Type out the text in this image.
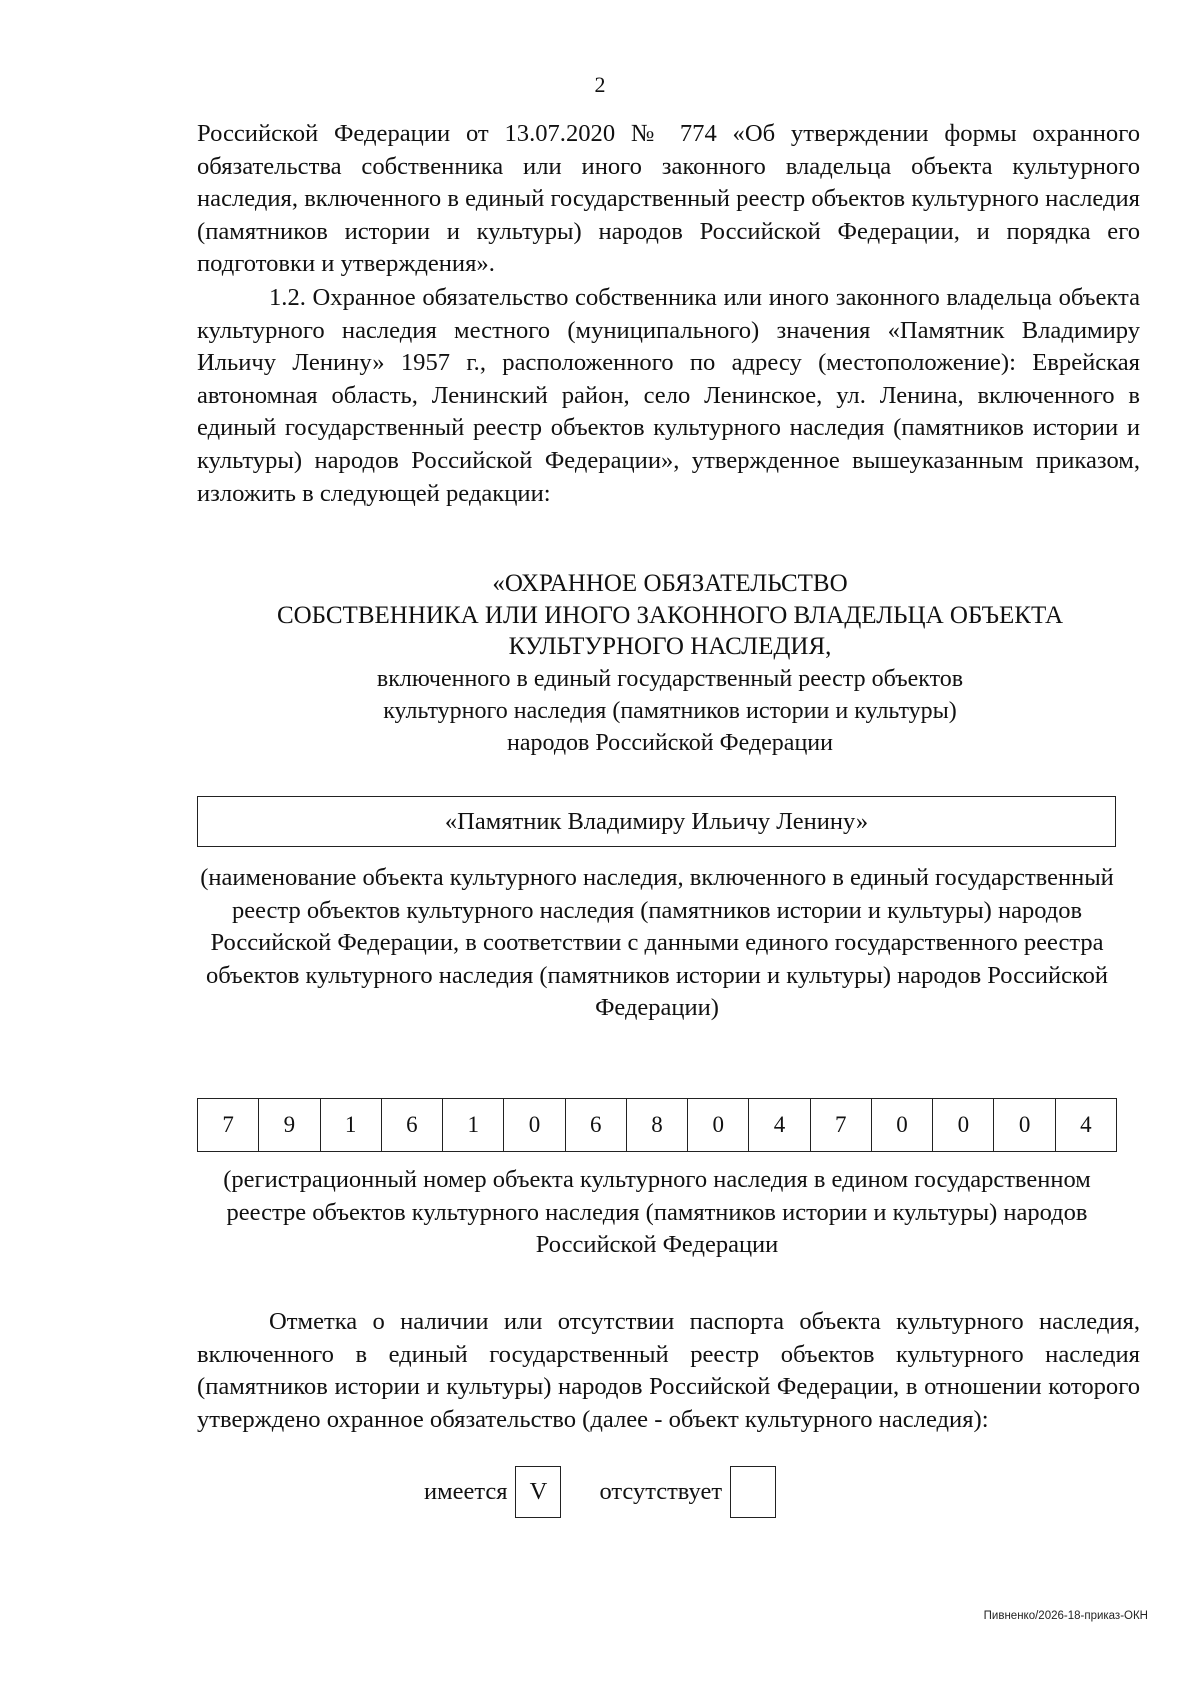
2

Российской Федерации от 13.07.2020 № 774 «Об утверждении формы охранного обязательства собственника или иного законного владельца объекта культурного наследия, включенного в единый государственный реестр объектов культурного наследия (памятников истории и культуры) народов Российской Федерации, и порядка его подготовки и утверждения».

1.2. Охранное обязательство собственника или иного законного владельца объекта культурного наследия местного (муниципального) значения «Памятник Владимиру Ильичу Ленину» 1957 г., расположенного по адресу (местоположение): Еврейская автономная область, Ленинский район, село Ленинское, ул. Ленина, включенного в единый государственный реестр объектов культурного наследия (памятников истории и культуры) народов Российской Федерации», утвержденное вышеуказанным приказом, изложить в следующей редакции:

«ОХРАННОЕ ОБЯЗАТЕЛЬСТВО
СОБСТВЕННИКА ИЛИ ИНОГО ЗАКОННОГО ВЛАДЕЛЬЦА ОБЪЕКТА
КУЛЬТУРНОГО НАСЛЕДИЯ,
включенного в единый государственный реестр объектов
культурного наследия (памятников истории и культуры)
народов Российской Федерации
«Памятник Владимиру Ильичу Ленину»

(наименование объекта культурного наследия, включенного в единый государственный реестр объектов культурного наследия (памятников истории и культуры) народов Российской Федерации, в соответствии с данными единого государственного реестра объектов культурного наследия (памятников истории и культуры) народов Российской Федерации)

7	9	1	6	1	0	6	8	0	4	7	0	0	0	4

(регистрационный номер объекта культурного наследия в едином государственном реестре объектов культурного наследия (памятников истории и культуры) народов Российской Федерации

Отметка о наличии или отсутствии паспорта объекта культурного наследия, включенного в единый государственный реестр объектов культурного наследия (памятников истории и культуры) народов Российской Федерации, в отношении которого утверждено охранное обязательство (далее - объект культурного наследия):

имеется V	отсутствует
Пивненко/2026-18-приказ-ОКН
